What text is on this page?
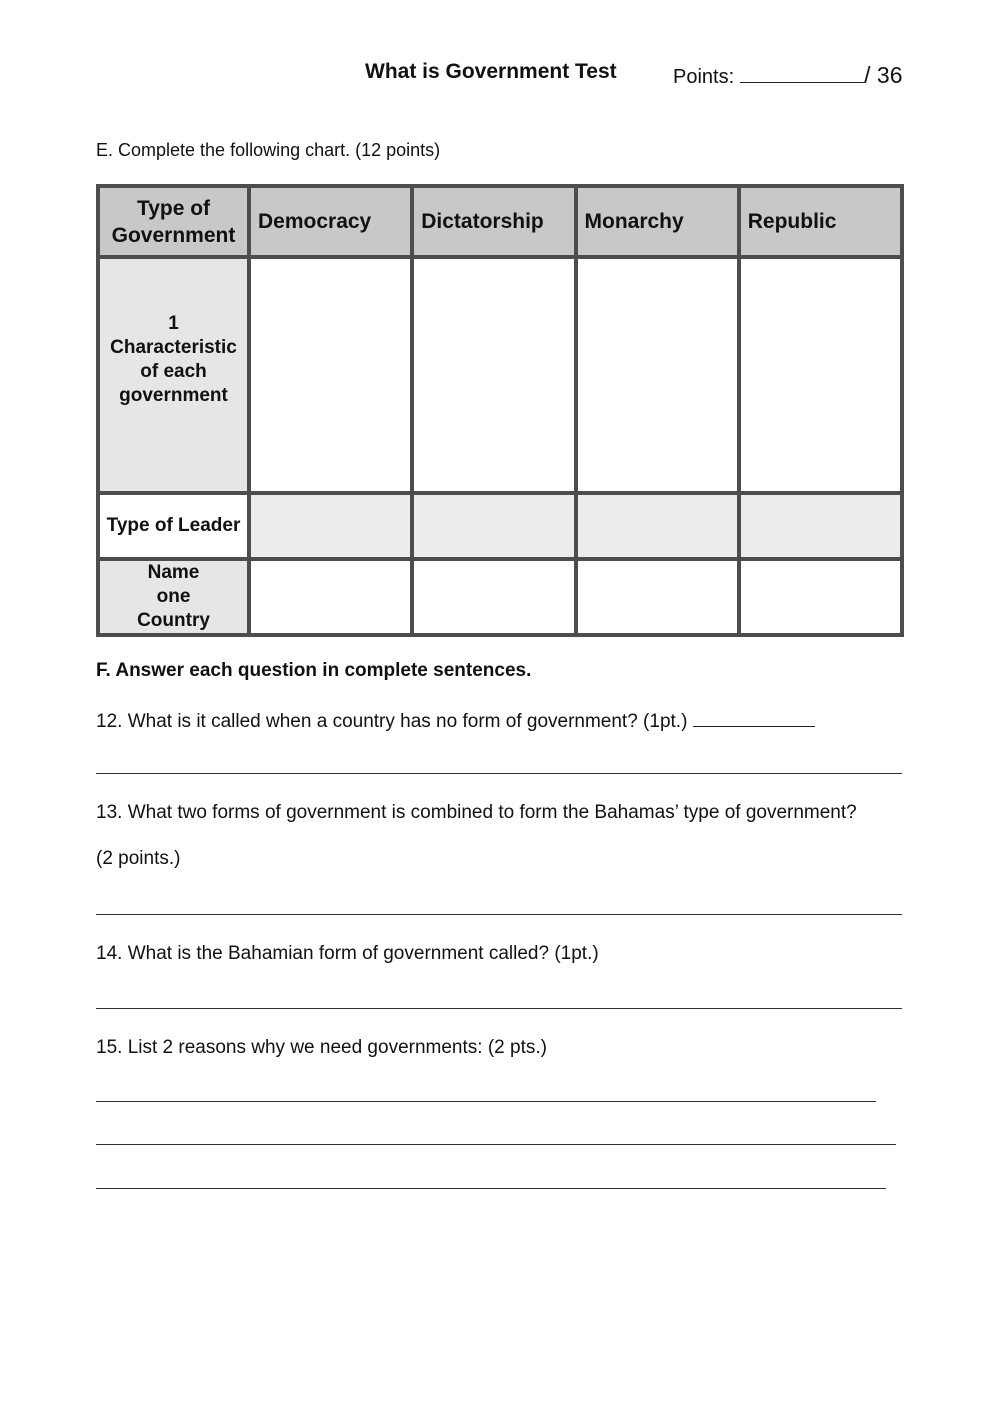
What is Government Test	Points:	/ 36
E. Complete the following chart. (12 points)
Type of Government	Democracy	Dictatorship	Monarchy	Republic

1 Characteristic of each government				

Type of Leader				

Name one Country				

F. Answer each question in complete sentences.
12. What is it called when a country has no form of government? (1pt.)
13. What two forms of government is combined to form the Bahamas’ type of government?
(2 points.)
14. What is the Bahamian form of government called? (1pt.)
15. List 2 reasons why we need governments: (2 pts.)
